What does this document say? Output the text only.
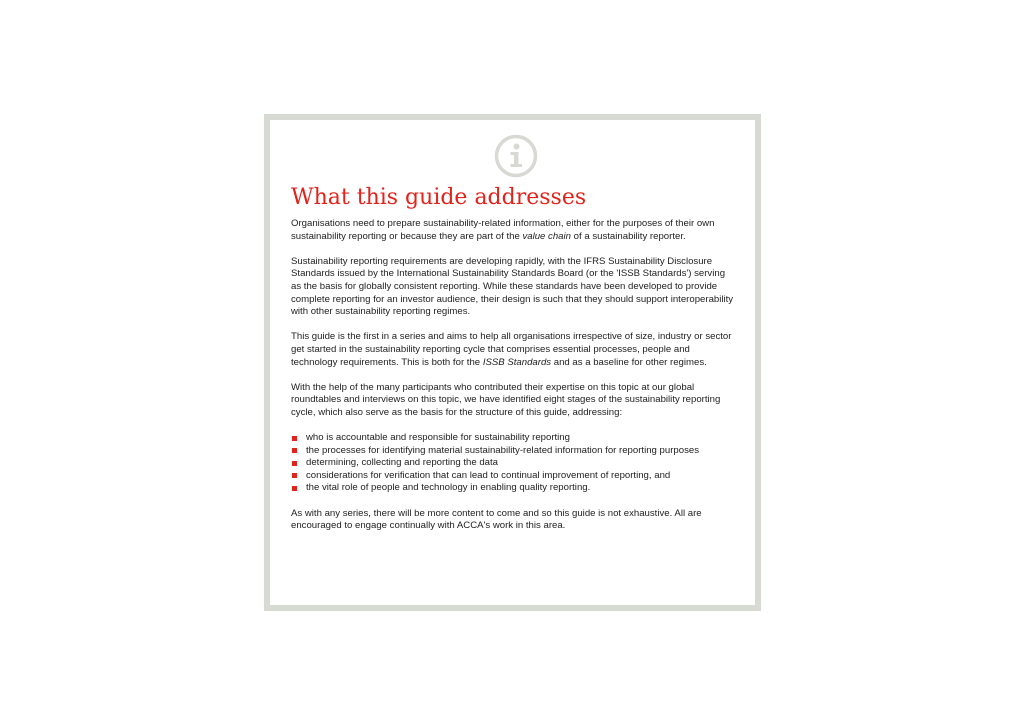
What this guide addresses

Organisations need to prepare sustainability-related information, either for the purposes of their own sustainability reporting or because they are part of the value chain of a sustainability reporter.

Sustainability reporting requirements are developing rapidly, with the IFRS Sustainability Disclosure Standards issued by the International Sustainability Standards Board (or the 'ISSB Standards') serving as the basis for globally consistent reporting. While these standards have been developed to provide complete reporting for an investor audience, their design is such that they should support interoperability with other sustainability reporting regimes.

This guide is the first in a series and aims to help all organisations irrespective of size, industry or sector get started in the sustainability reporting cycle that comprises essential processes, people and technology requirements. This is both for the ISSB Standards and as a baseline for other regimes.

With the help of the many participants who contributed their expertise on this topic at our global roundtables and interviews on this topic, we have identified eight stages of the sustainability reporting cycle, which also serve as the basis for the structure of this guide, addressing:

who is accountable and responsible for sustainability reporting
the processes for identifying material sustainability-related information for reporting purposes
determining, collecting and reporting the data
considerations for verification that can lead to continual improvement of reporting, and
the vital role of people and technology in enabling quality reporting.

As with any series, there will be more content to come and so this guide is not exhaustive. All are encouraged to engage continually with ACCA's work in this area.
